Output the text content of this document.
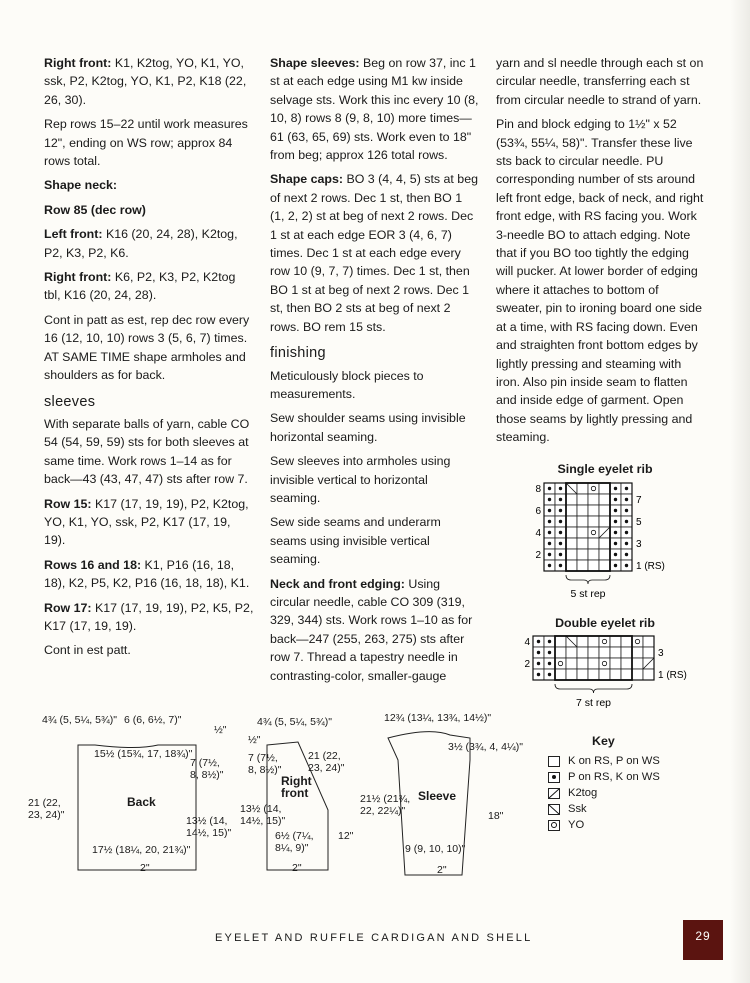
Right front: K1, K2tog, YO, K1, YO, ssk, P2, K2tog, YO, K1, P2, K18 (22, 26, 30).

Rep rows 15–22 until work measures 12", ending on WS row; approx 84 rows total.

Shape neck:

Row 85 (dec row)

Left front: K16 (20, 24, 28), K2tog, P2, K3, P2, K6.

Right front: K6, P2, K3, P2, K2tog tbl, K16 (20, 24, 28).

Cont in patt as est, rep dec row every 16 (12, 10, 10) rows 3 (5, 6, 7) times. AT SAME TIME shape armholes and shoulders as for back.

sleeves

With separate balls of yarn, cable CO 54 (54, 59, 59) sts for both sleeves at same time. Work rows 1–14 as for back—43 (43, 47, 47) sts after row 7.

Row 15: K17 (17, 19, 19), P2, K2tog, YO, K1, YO, ssk, P2, K17 (17, 19, 19).

Rows 16 and 18: K1, P16 (16, 18, 18), K2, P5, K2, P16 (16, 18, 18), K1.

Row 17: K17 (17, 19, 19), P2, K5, P2, K17 (17, 19, 19).

Cont in est patt.

Shape sleeves: Beg on row 37, inc 1 st at each edge using M1 kw inside selvage sts. Work this inc every 10 (8, 10, 8) rows 8 (9, 8, 10) more times—61 (63, 65, 69) sts. Work even to 18" from beg; approx 126 total rows.

Shape caps: BO 3 (4, 4, 5) sts at beg of next 2 rows. Dec 1 st, then BO 1 (1, 2, 2) st at beg of next 2 rows. Dec 1 st at each edge EOR 3 (4, 6, 7) times. Dec 1 st at each edge every row 10 (9, 7, 7) times. Dec 1 st, then BO 1 st at beg of next 2 rows. Dec 1 st, then BO 2 sts at beg of next 2 rows. BO rem 15 sts.

finishing

Meticulously block pieces to measurements.

Sew shoulder seams using invisible horizontal seaming.

Sew sleeves into armholes using invisible vertical to horizontal seaming.

Sew side seams and underarm seams using invisible vertical seaming.

Neck and front edging: Using circular needle, cable CO 309 (319, 329, 344) sts. Work rows 1–10 as for back—247 (255, 263, 275) sts after row 7. Thread a tapestry needle in contrasting-color, smaller-gauge

yarn and sl needle through each st on circular needle, transferring each st from circular needle to strand of yarn.

Pin and block edging to 1½" x 52 (53¾, 55¼, 58)". Transfer these live sts back to circular needle. PU corresponding number of sts around left front edge, back of neck, and right front edge, with RS facing you. Work 3-needle BO to attach edging. Note that if you BO too tightly the edging will pucker. At lower border of edging where it attaches to bottom of sweater, pin to ironing board one side at a time, with RS facing down. Even and straighten front bottom edges by lightly pressing and steaming with iron. Also pin inside seam to flatten and inside edge of garment. Open those seams by lightly pressing and steaming.

Single eyelet rib
8
6
4
2
7
5
3
1 (RS)
5 st rep
Double eyelet rib
4
2
3
1 (RS)
7 st rep
Key
K on RS, P on WS
P on RS, K on WS
K2tog
Ssk
YO
4¾ (5, 5¼, 5¾)" 6 (6, 6½, 7)"
½"
15½ (15¾, 17, 18¾)"
7 (7½,
8, 8½)"
Back
21 (22,
23, 24)"	13½ (14,
14½, 15)"
17½ (18¼, 20, 21¾)"
2"
4¾ (5, 5¼, 5¾)"
½"
7 (7½,
8, 8½)"
21 (22,
23, 24)"
Right
front
13½ (14,
14½, 15)"
6½ (7¼,
8¼, 9)"
12"
2"
12¾ (13¼, 13¾, 14½)"
3½ (3¾, 4, 4¼)"
Sleeve
21½ (21¾,
22, 22¼)"	18"
9 (9, 10, 10)"
2"
EYELET AND RUFFLE CARDIGAN AND SHELL	29
